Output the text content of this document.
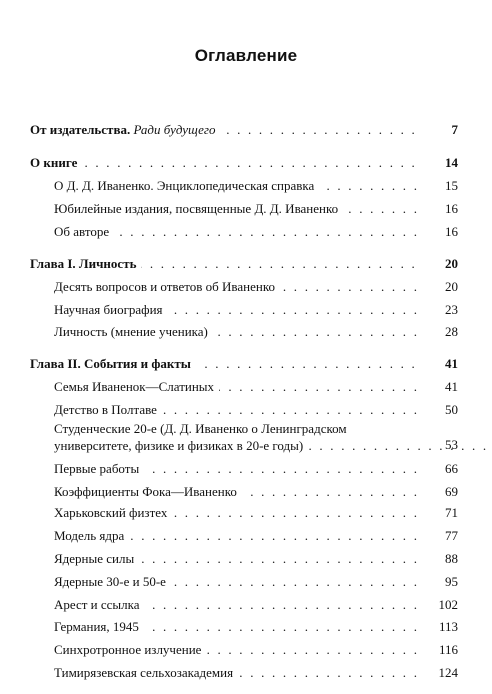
Оглавление
От издательства. Ради будущего . . .	7
О книге . . .	14
О Д. Д. Иваненко. Энциклопедическая справка . . .	15
Юбилейные издания, посвященные Д. Д. Иваненко . . .	16
Об авторе . . .	16
Глава I. Личность . . .	20
Десять вопросов и ответов об Иваненко . . .	20
Научная биография . . .	23
Личность (мнение ученика) . . .	28
Глава II. События и факты . . .	41
Семья Иваненок—Слатиных . . .	41
Детство в Полтаве . . .	50
Студенческие 20-е (Д. Д. Иваненко о Ленинградском
университете, физике и физиках в 20-е годы) . . .	53
Первые работы . . .	66
Коэффициенты Фока—Иваненко . . .	69
Харьковский физтех . . .	71
Модель ядра . . .	77
Ядерные силы . . .	88
Ядерные 30-е и 50-е . . .	95
Арест и ссылка . . .	102
Германия, 1945 . . .	113
Синхротронное излучение . . .	116
Тимирязевская сельхозакадемия . . .	124
